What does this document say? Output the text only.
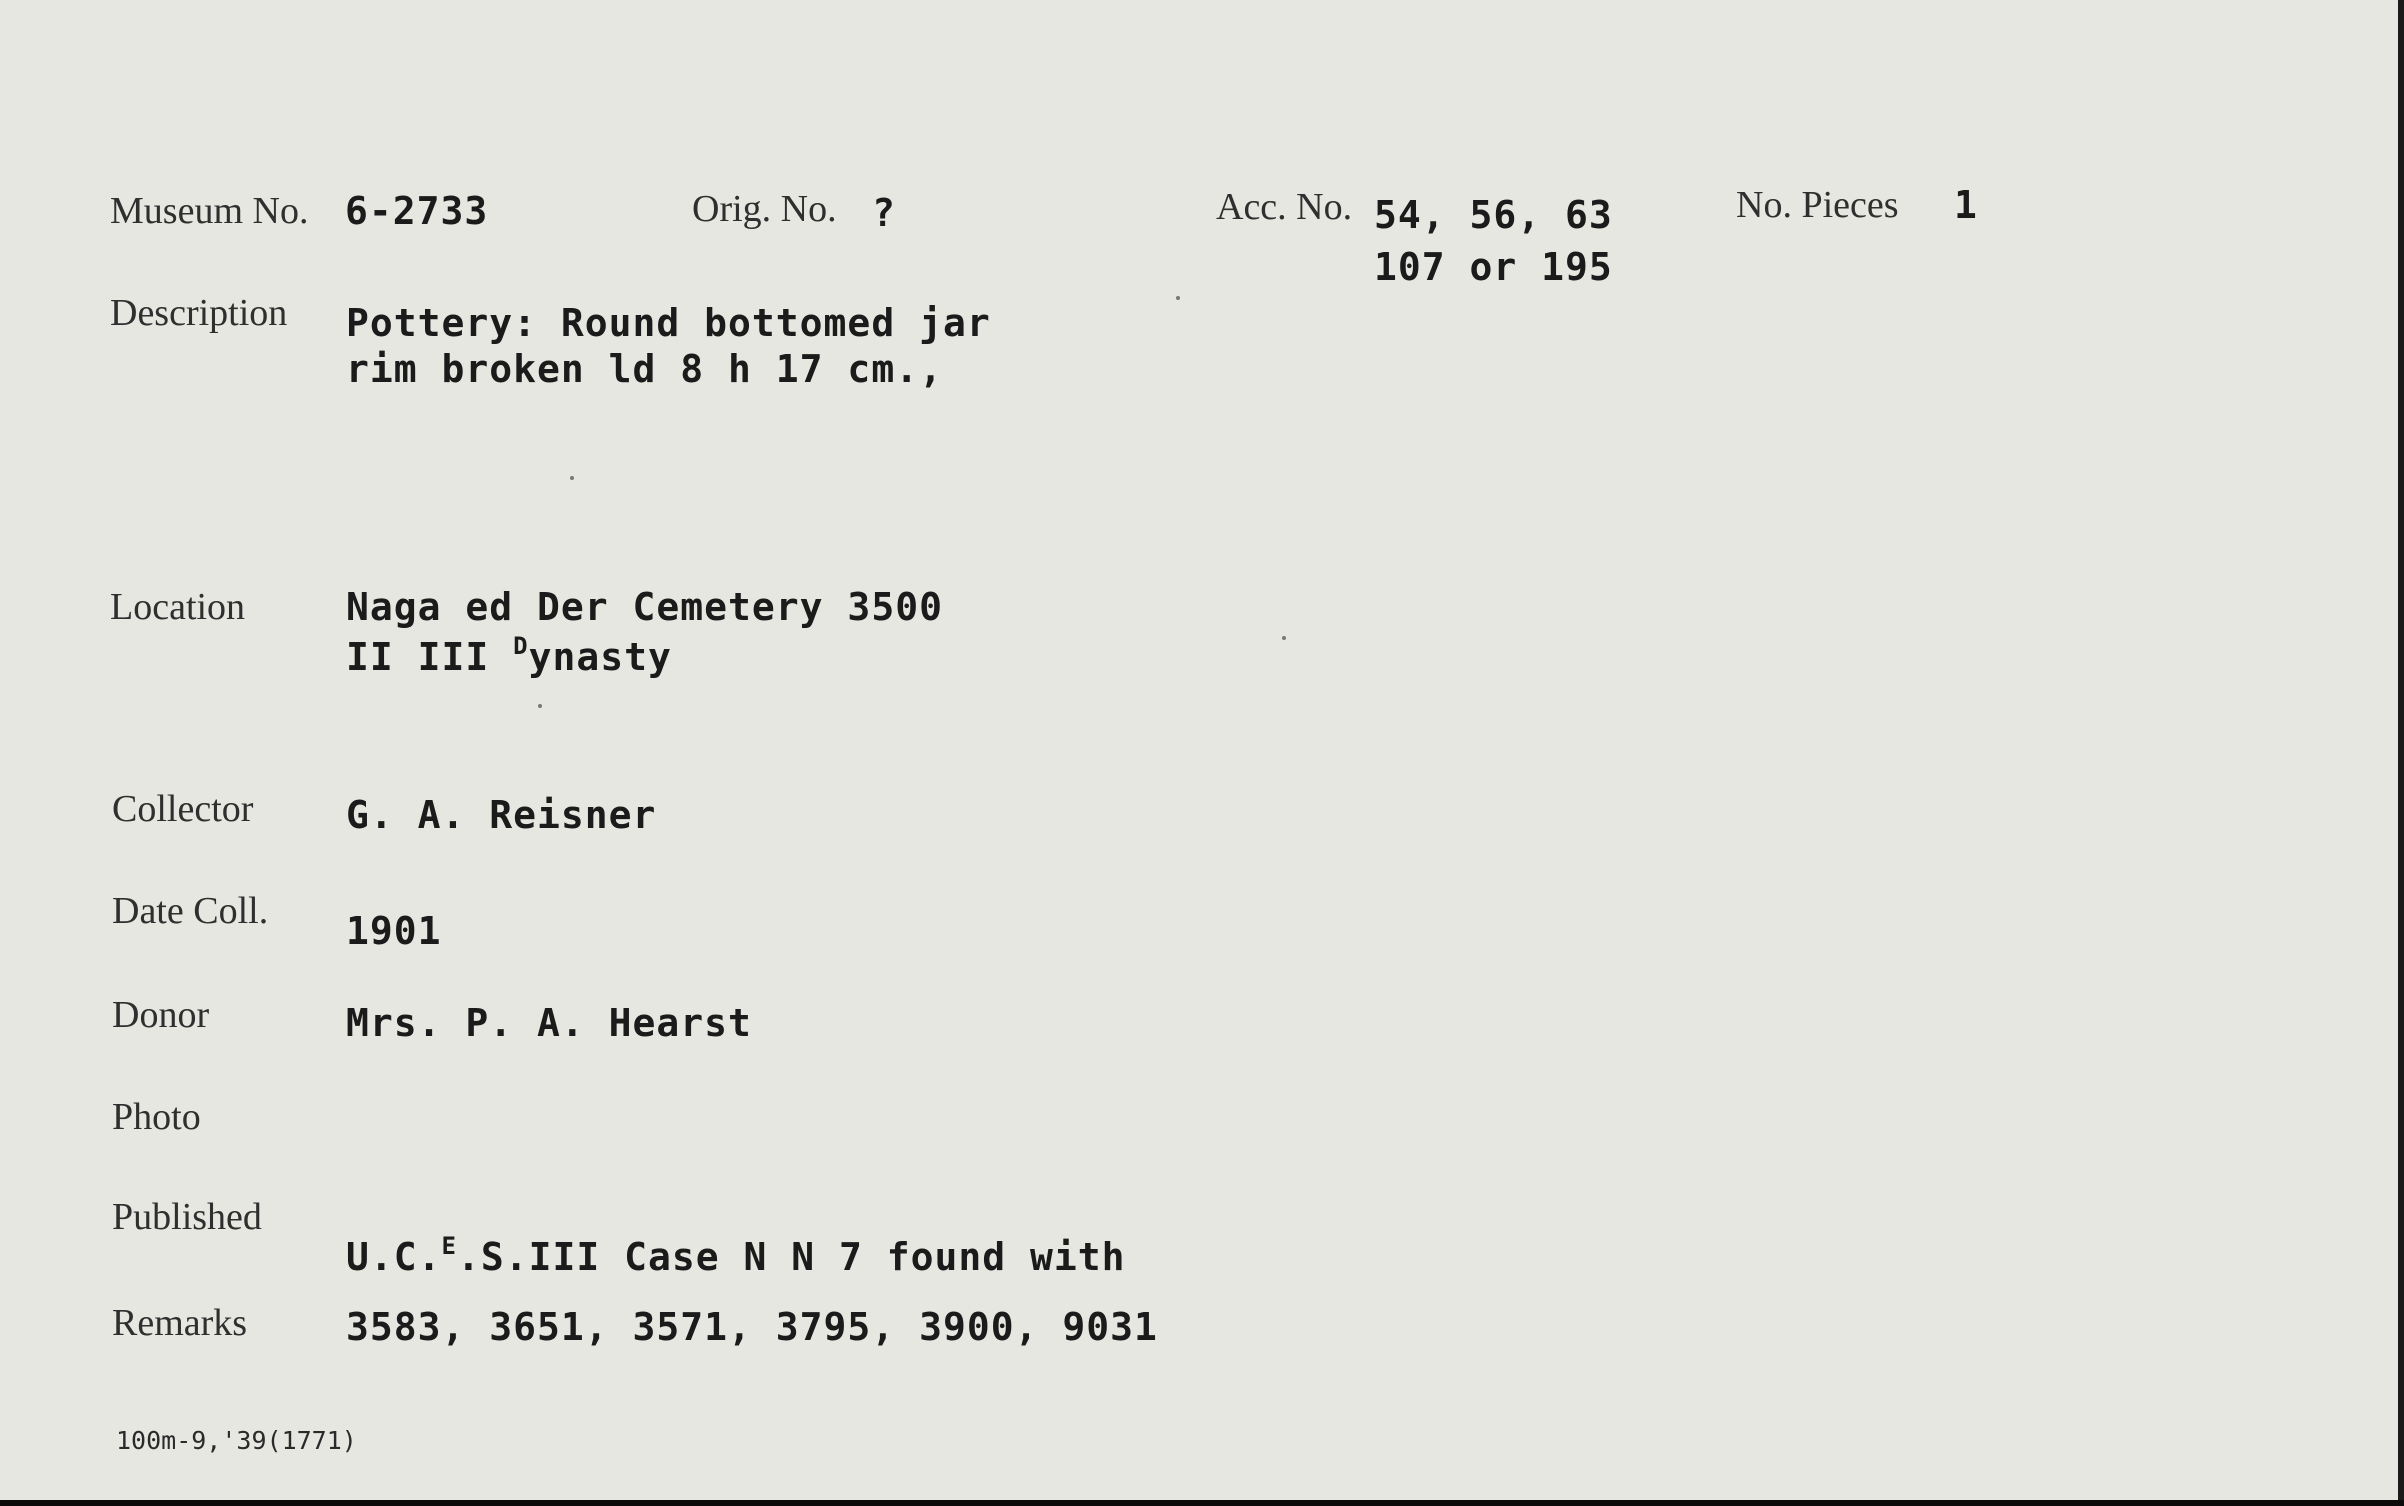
Museum No. 6-2733	Orig. No. ?	Acc. No. 54, 56, 63
107 or 195
No. Pieces 1
Description Pottery: Round bottomed jar
rim broken ld 8 h 17 cm.,
Location	Naga ed Der Cemetery 3500
II III $^D$ynasty
Collector G. A. Reisner
Date Coll. 1901
Donor	Mrs. P. A. Hearst
Photo
Published
U.C.$^E$.S.III Case N N 7 found with
Remarks	3583, 3651, 3571, 3795, 3900, 9031
100m-9,'39(1771)
